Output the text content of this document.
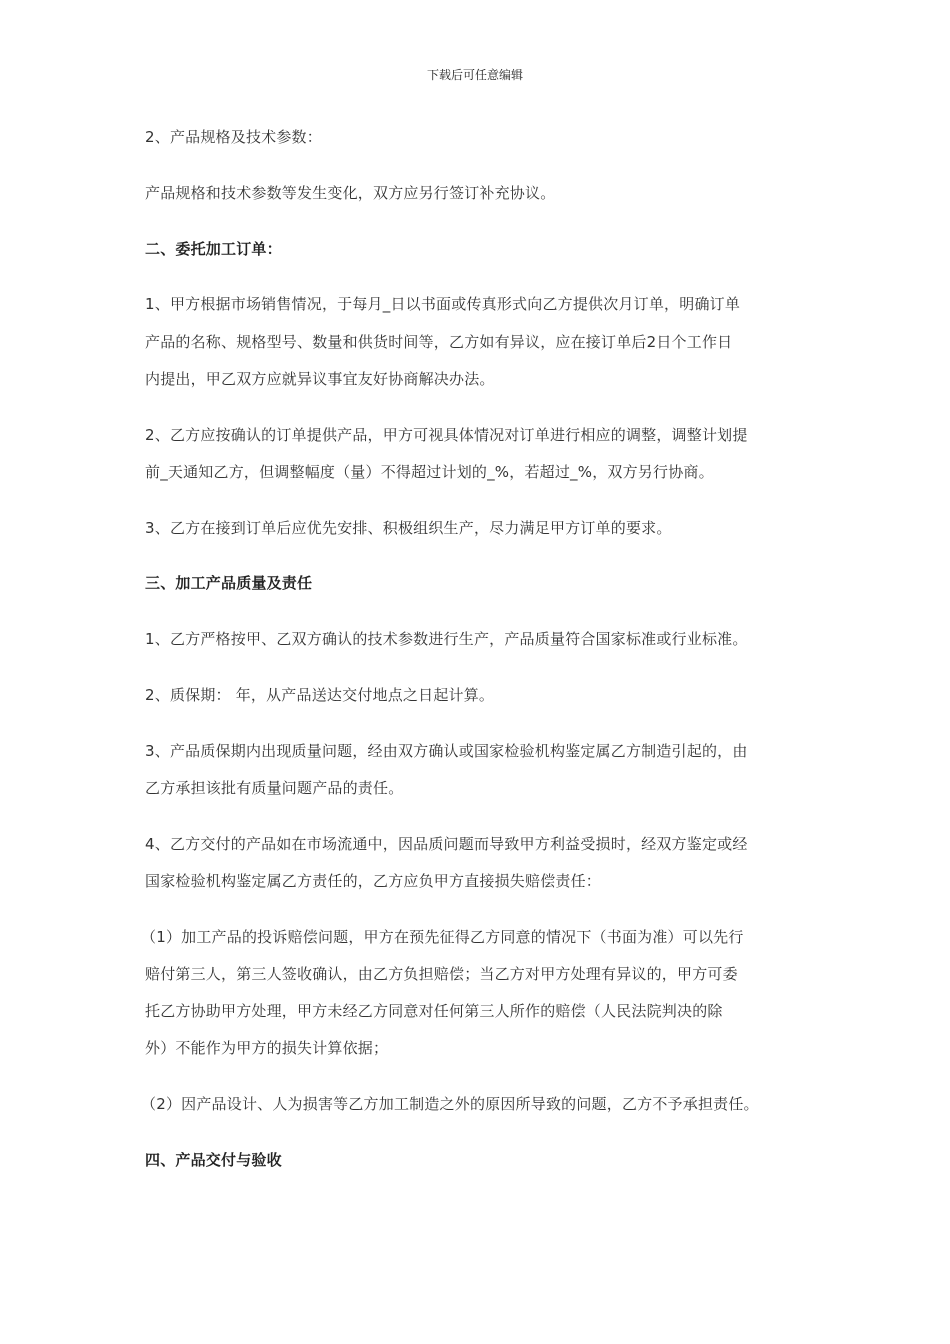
下载后可任意编辑
2、产品规格及技术参数：
产品规格和技术参数等发生变化，双方应另行签订补充协议。
二、委托加工订单：
1、甲方根据市场销售情况，于每月_日以书面或传真形式向乙方提供次月订单，明确订单
产品的名称、规格型号、数量和供货时间等，乙方如有异议，应在接订单后2日个工作日
内提出，甲乙双方应就异议事宜友好协商解决办法。
2、乙方应按确认的订单提供产品，甲方可视具体情况对订单进行相应的调整，调整计划提
前_天通知乙方，但调整幅度（量）不得超过计划的_%，若超过_%，双方另行协商。
3、乙方在接到订单后应优先安排、积极组织生产，尽力满足甲方订单的要求。
三、加工产品质量及责任
1、乙方严格按甲、乙双方确认的技术参数进行生产，产品质量符合国家标准或行业标准。
2、质保期： 年，从产品送达交付地点之日起计算。
3、产品质保期内出现质量问题，经由双方确认或国家检验机构鉴定属乙方制造引起的，由
乙方承担该批有质量问题产品的责任。
4、乙方交付的产品如在市场流通中，因品质问题而导致甲方利益受损时，经双方鉴定或经
国家检验机构鉴定属乙方责任的，乙方应负甲方直接损失赔偿责任：
（1）加工产品的投诉赔偿问题，甲方在预先征得乙方同意的情况下（书面为准）可以先行
赔付第三人，第三人签收确认，由乙方负担赔偿；当乙方对甲方处理有异议的，甲方可委
托乙方协助甲方处理，甲方未经乙方同意对任何第三人所作的赔偿（人民法院判决的除
外）不能作为甲方的损失计算依据；
（2）因产品设计、人为损害等乙方加工制造之外的原因所导致的问题，乙方不予承担责任。
四、产品交付与验收
